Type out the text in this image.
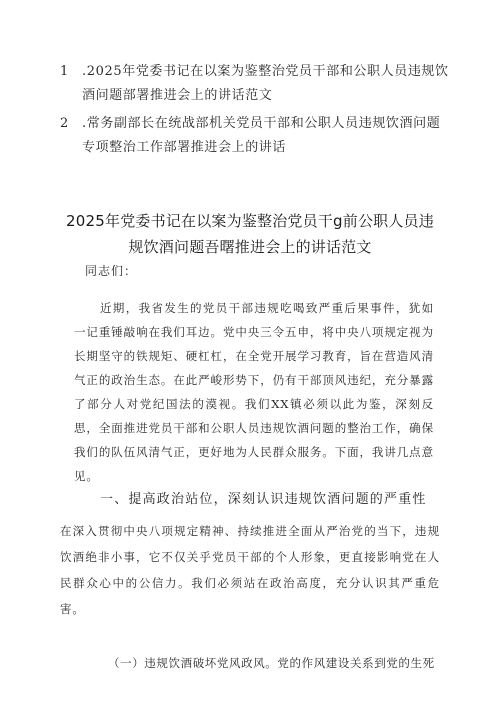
1 .2025年党委书记在以案为鉴整治党员干部和公职人员违规饮
酒问题部署推进会上的讲话范文
2 .常务副部长在统战部机关党员干部和公职人员违规饮酒问题
专项整治工作部署推进会上的讲话
2025年党委书记在以案为鉴整治党员干g前公职人员违
规饮酒问题吾曙推进会上的讲话范文
同志们：
近期，我省发生的党员干部违规吃喝致严重后果事件，犹如一记重锤敲响在我们耳边。党中央三令五申，将中央八项规定视为长期坚守的铁规矩、硬杠杠，在全党开展学习教育，旨在营造风清气正的政治生态。在此严峻形势下，仍有干部顶风违纪，充分暴露了部分人对党纪国法的漠视。我们XX镇必须以此为鉴，深刻反思，全面推进党员干部和公职人员违规饮酒问题的整治工作，确保我们的队伍风清气正，更好地为人民群众服务。下面，我讲几点意见。
一、提高政治站位，深刻认识违规饮酒问题的严重性
在深入贯彻中央八项规定精神、持续推进全面从严治党的当下，违规饮酒绝非小事，它不仅关乎党员干部的个人形象，更直接影响党在人民群众心中的公信力。我们必须站在政治高度，充分认识其严重危害。
（一）违规饮酒破坏党风政风。党的作风建设关系到党的生死
